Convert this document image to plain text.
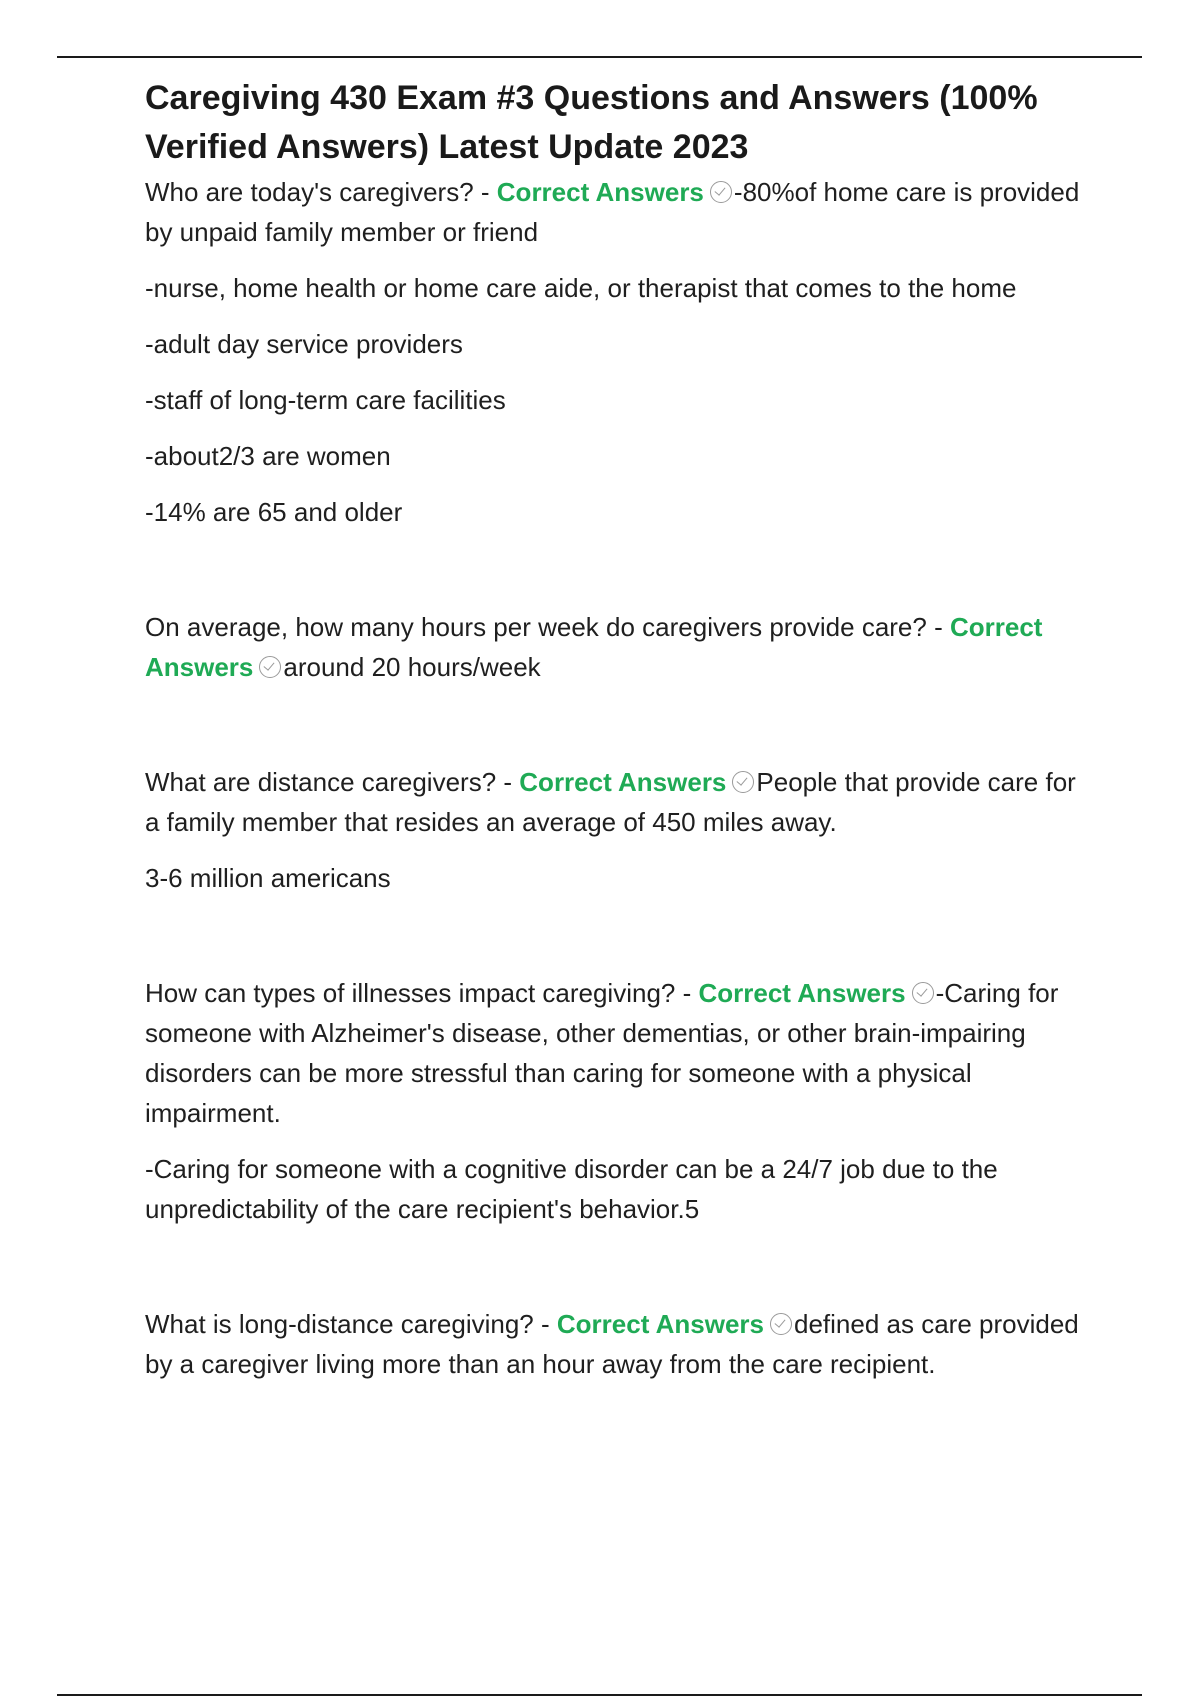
Caregiving 430 Exam #3 Questions and Answers (100%
Verified Answers) Latest Update 2023

Who are today's caregivers? - Correct Answers -80%of home care is provided by unpaid family member or friend

-nurse, home health or home care aide, or therapist that comes to the home

-adult day service providers

-staff of long-term care facilities

-about2/3 are women

-14% are 65 and older

On average, how many hours per week do caregivers provide care? - Correct Answers around 20 hours/week

What are distance caregivers? - Correct Answers People that provide care for a family member that resides an average of 450 miles away.

3-6 million americans

How can types of illnesses impact caregiving? - Correct Answers -Caring for someone with Alzheimer's disease, other dementias, or other brain-impairing disorders can be more stressful than caring for someone with a physical impairment.

-Caring for someone with a cognitive disorder can be a 24/7 job due to the unpredictability of the care recipient's behavior.5

What is long-distance caregiving? - Correct Answers defined as care provided by a caregiver living more than an hour away from the care recipient.
